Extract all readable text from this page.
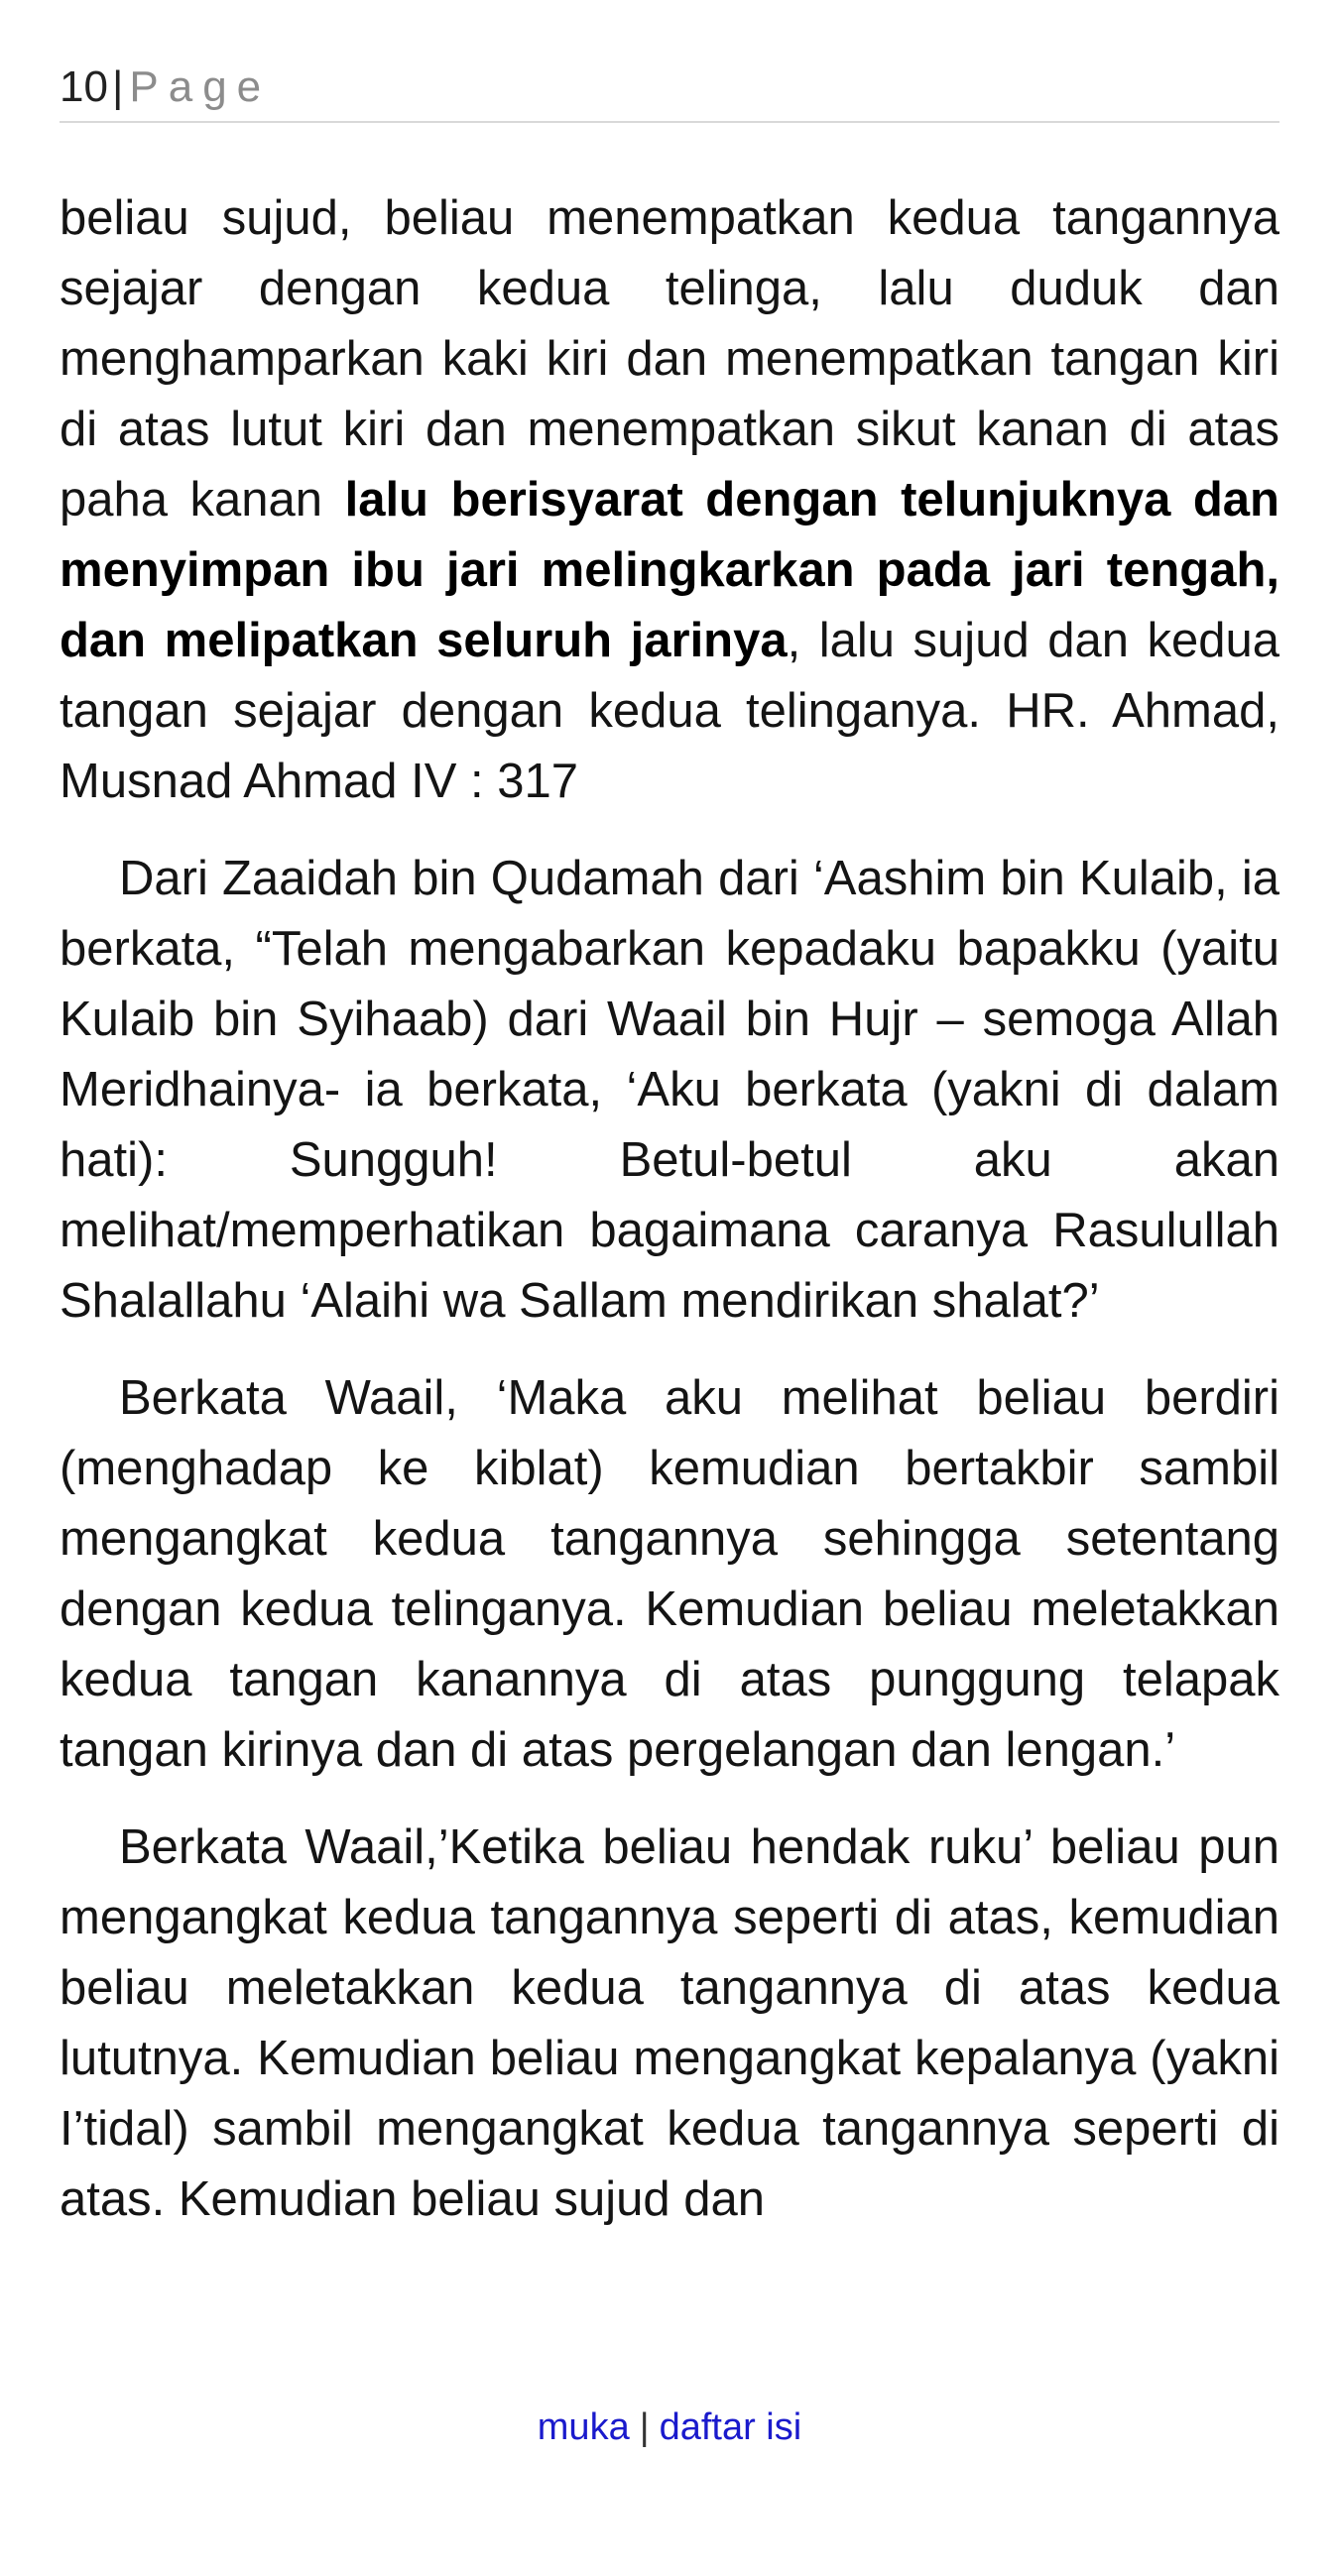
10| Page

beliau sujud, beliau menempatkan kedua tangannya sejajar dengan kedua telinga, lalu duduk dan menghamparkan kaki kiri dan menempatkan tangan kiri di atas lutut kiri dan menempatkan sikut kanan di atas paha kanan lalu berisyarat dengan telunjuknya dan menyimpan ibu jari melingkarkan pada jari tengah, dan melipatkan seluruh jarinya, lalu sujud dan kedua tangan sejajar dengan kedua telinganya. HR. Ahmad, Musnad Ahmad IV : 317

Dari Zaaidah bin Qudamah dari ‘Aashim bin Kulaib, ia berkata, “Telah mengabarkan kepadaku bapakku (yaitu Kulaib bin Syihaab) dari Waail bin Hujr – semoga Allah Meridhainya- ia berkata, ‘Aku berkata (yakni di dalam hati): Sungguh! Betul-betul aku akan melihat/memperhatikan bagaimana caranya Rasulullah Shalallahu ‘Alaihi wa Sallam mendirikan shalat?’

Berkata Waail, ‘Maka aku melihat beliau berdiri (menghadap ke kiblat) kemudian bertakbir sambil mengangkat kedua tangannya sehingga setentang dengan kedua telinganya. Kemudian beliau meletakkan kedua tangan kanannya di atas punggung telapak tangan kirinya dan di atas pergelangan dan lengan.’

Berkata Waail,’Ketika beliau hendak ruku’ beliau pun mengangkat kedua tangannya seperti di atas, kemudian beliau meletakkan kedua tangannya di atas kedua lututnya. Kemudian beliau mengangkat kepalanya (yakni I’tidal) sambil mengangkat kedua tangannya seperti di atas. Kemudian beliau sujud dan

muka | daftar isi
